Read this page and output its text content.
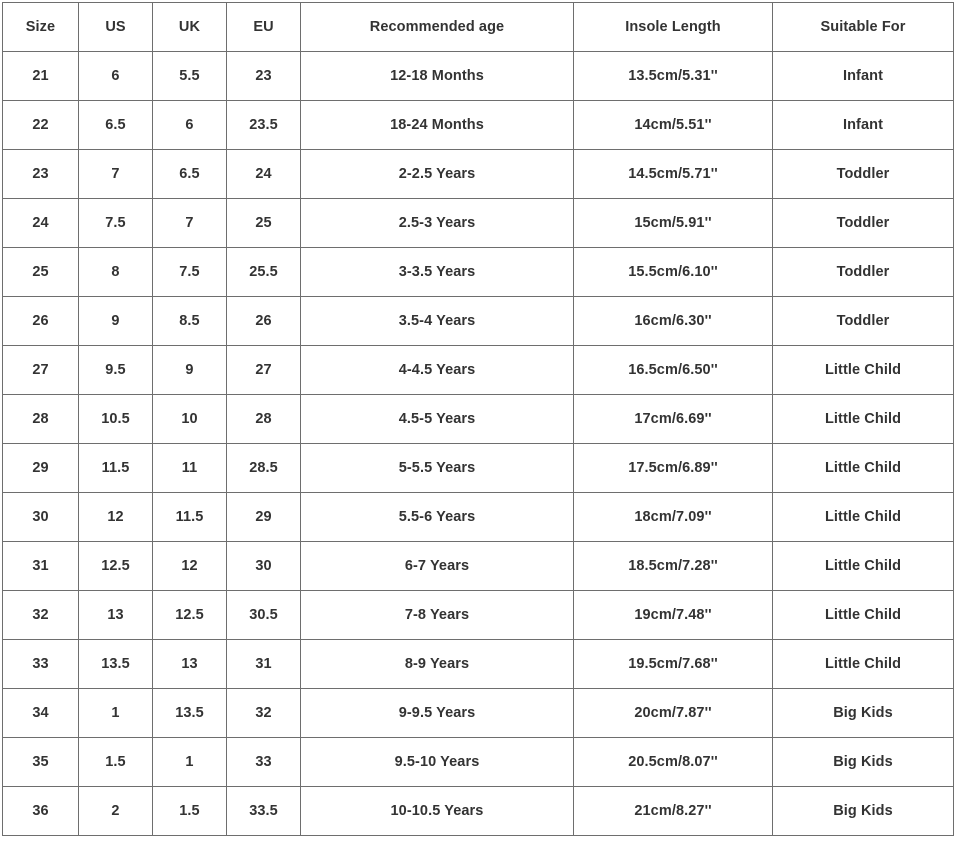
Size	US	UK	EU	Recommended age	Insole Length	Suitable For
21	6	5.5	23	12-18 Months	13.5cm/5.31''	Infant
22	6.5	6	23.5	18-24 Months	14cm/5.51''	Infant
23	7	6.5	24	2-2.5 Years	14.5cm/5.71''	Toddler
24	7.5	7	25	2.5-3 Years	15cm/5.91''	Toddler
25	8	7.5	25.5	3-3.5 Years	15.5cm/6.10''	Toddler
26	9	8.5	26	3.5-4 Years	16cm/6.30''	Toddler
27	9.5	9	27	4-4.5 Years	16.5cm/6.50''	Little Child
28	10.5	10	28	4.5-5 Years	17cm/6.69''	Little Child
29	11.5	11	28.5	5-5.5 Years	17.5cm/6.89''	Little Child
30	12	11.5	29	5.5-6 Years	18cm/7.09''	Little Child
31	12.5	12	30	6-7 Years	18.5cm/7.28''	Little Child
32	13	12.5	30.5	7-8 Years	19cm/7.48''	Little Child
33	13.5	13	31	8-9 Years	19.5cm/7.68''	Little Child
34	1	13.5	32	9-9.5 Years	20cm/7.87''	Big Kids
35	1.5	1	33	9.5-10 Years	20.5cm/8.07''	Big Kids
36	2	1.5	33.5	10-10.5 Years	21cm/8.27''	Big Kids
